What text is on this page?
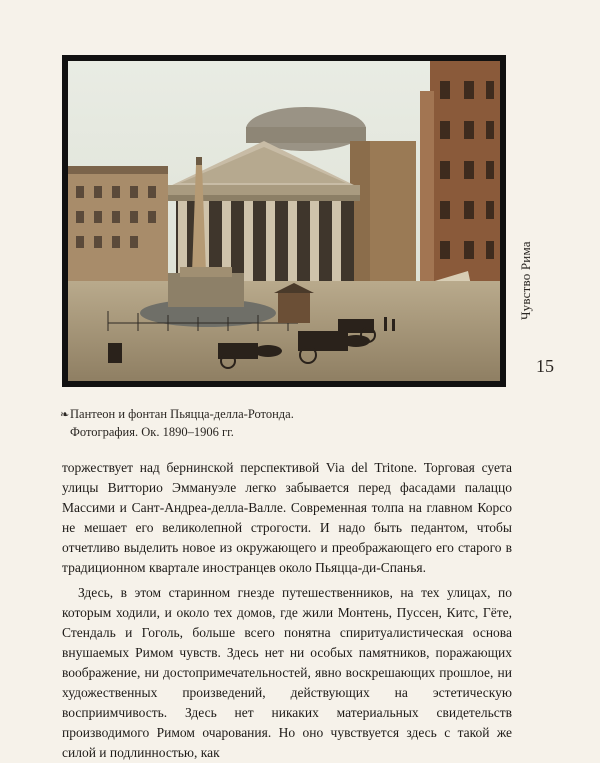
Чувство Рима
15
❧ Пантеон и фонтан Пьяцца-делла-Ротонда.
Фотография. Ок. 1890–1906 гг.

торжествует над бернинской перспективой Via del Tritone. Торговая суета улицы Витторио Эммануэле легко забывается перед фасадами палаццо Массими и Сант-Андреа-делла-Валле. Современная толпа на главном Корсо не мешает его великолепной строгости. И надо быть педантом, чтобы отчетливо выделить новое из окружающего и преображающего его старого в традиционном квартале иностранцев около Пьяцца-ди-Спанья.

Здесь, в этом старинном гнезде путешественников, на тех улицах, по которым ходили, и около тех домов, где жили Монтень, Пуссен, Китс, Гёте, Стендаль и Гоголь, больше всего понятна спиритуалистическая основа внушаемых Римом чувств. Здесь нет ни особых памятников, поражающих воображение, ни достопримечательностей, явно воскрешающих прошлое, ни художественных произведений, действующих на эстетическую восприимчивость. Здесь нет никаких материальных свидетельств производимого Римом очарования. Но оно чувствуется здесь с такой же силой и подлинностью, как
